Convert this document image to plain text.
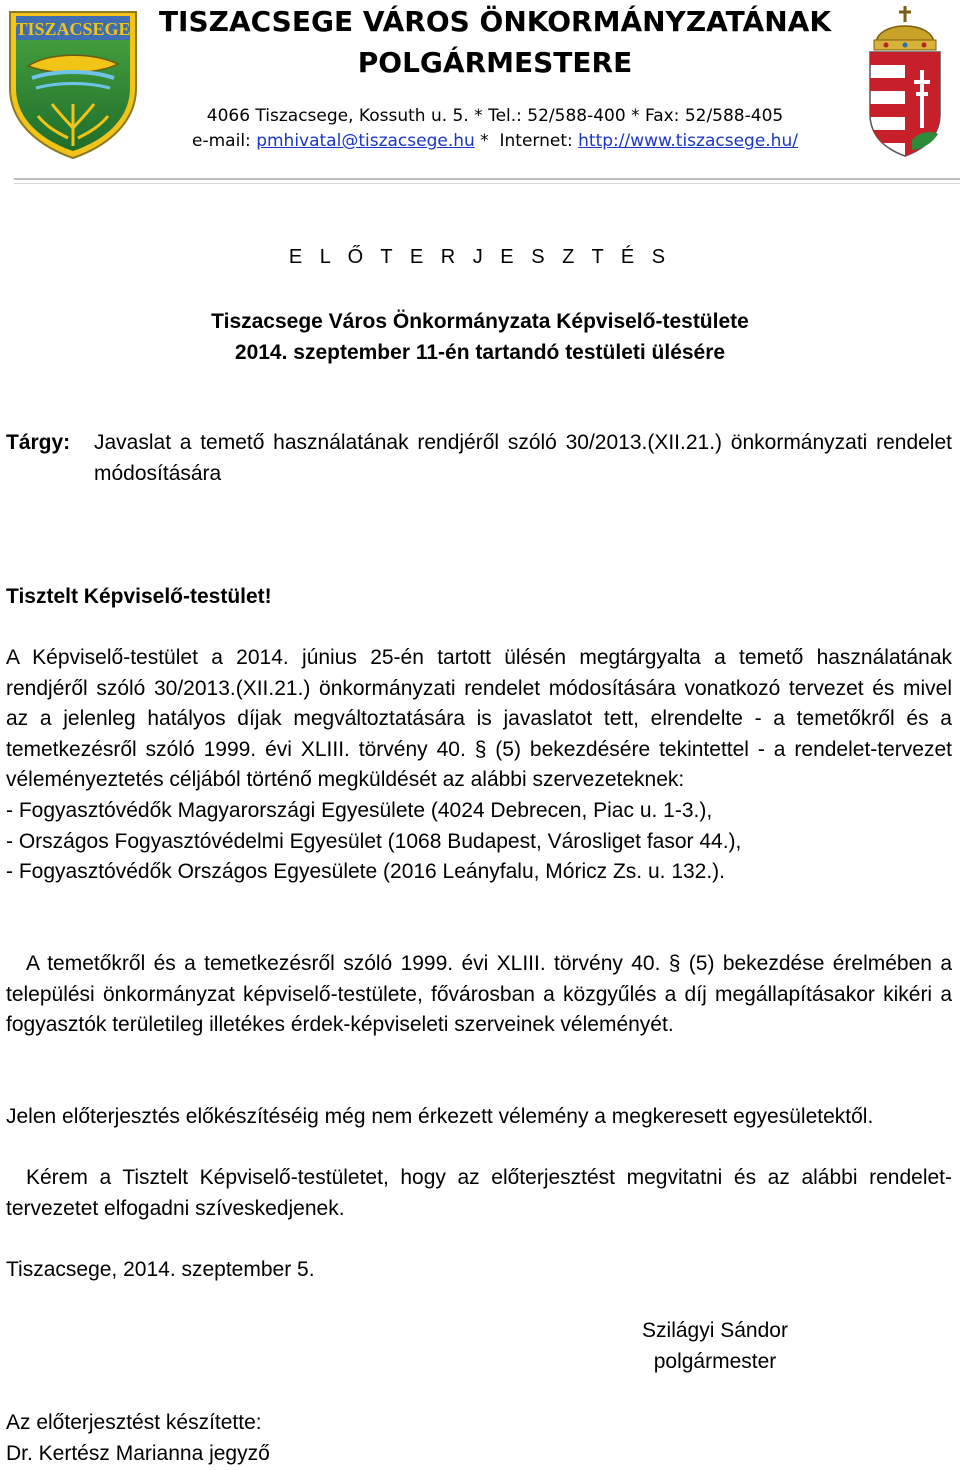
TISZACSEGE	TISZACSEGE VÁROS ÖNKORMÁNYZATÁNAK
POLGÁRMESTERE
4066 Tiszacsege, Kossuth u. 5. * Tel.: 52/588-400 * Fax: 52/588-405
e-mail: pmhivatal@tiszacsege.hu *  Internet: http://www.tiszacsege.hu/
E L Ő T E R J E S Z T É S
Tiszacsege Város Önkormányzata Képviselő-testülete
2014. szeptember 11-én tartandó testületi ülésére
Tárgy: Javaslat a temető használatának rendjéről szóló 30/2013.(XII.21.) önkormányzati rendelet módosítására
Tisztelt Képviselő-testület!
A Képviselő-testület a 2014. június 25-én tartott ülésén megtárgyalta a temető használatának rendjéről szóló 30/2013.(XII.21.) önkormányzati rendelet módosítására vonatkozó tervezet és mivel az a jelenleg hatályos díjak megváltoztatására is javaslatot tett, elrendelte - a temetőkről és a temetkezésről szóló 1999. évi XLIII. törvény 40. § (5) bekezdésére tekintettel - a rendelet-tervezet véleményeztetés céljából történő megküldését az alábbi szervezeteknek:
- Fogyasztóvédők Magyarországi Egyesülete (4024 Debrecen, Piac u. 1-3.),
- Országos Fogyasztóvédelmi Egyesület (1068 Budapest, Városliget fasor 44.),
- Fogyasztóvédők Országos Egyesülete (2016 Leányfalu, Móricz Zs. u. 132.).
A temetőkről és a temetkezésről szóló 1999. évi XLIII. törvény 40. § (5) bekezdése érelmében a települési önkormányzat képviselő-testülete, fővárosban a közgyűlés a díj megállapításakor kikéri a fogyasztók területileg illetékes érdek-képviseleti szerveinek véleményét.
Jelen előterjesztés előkészítéséig még nem érkezett vélemény a megkeresett egyesületektől.
Kérem a Tisztelt Képviselő-testületet, hogy az előterjesztést megvitatni és az alábbi rendelet-tervezetet elfogadni szíveskedjenek.
Tiszacsege, 2014. szeptember 5.
Szilágyi Sándor
polgármester
Az előterjesztést készítette:
Dr. Kertész Marianna jegyző
